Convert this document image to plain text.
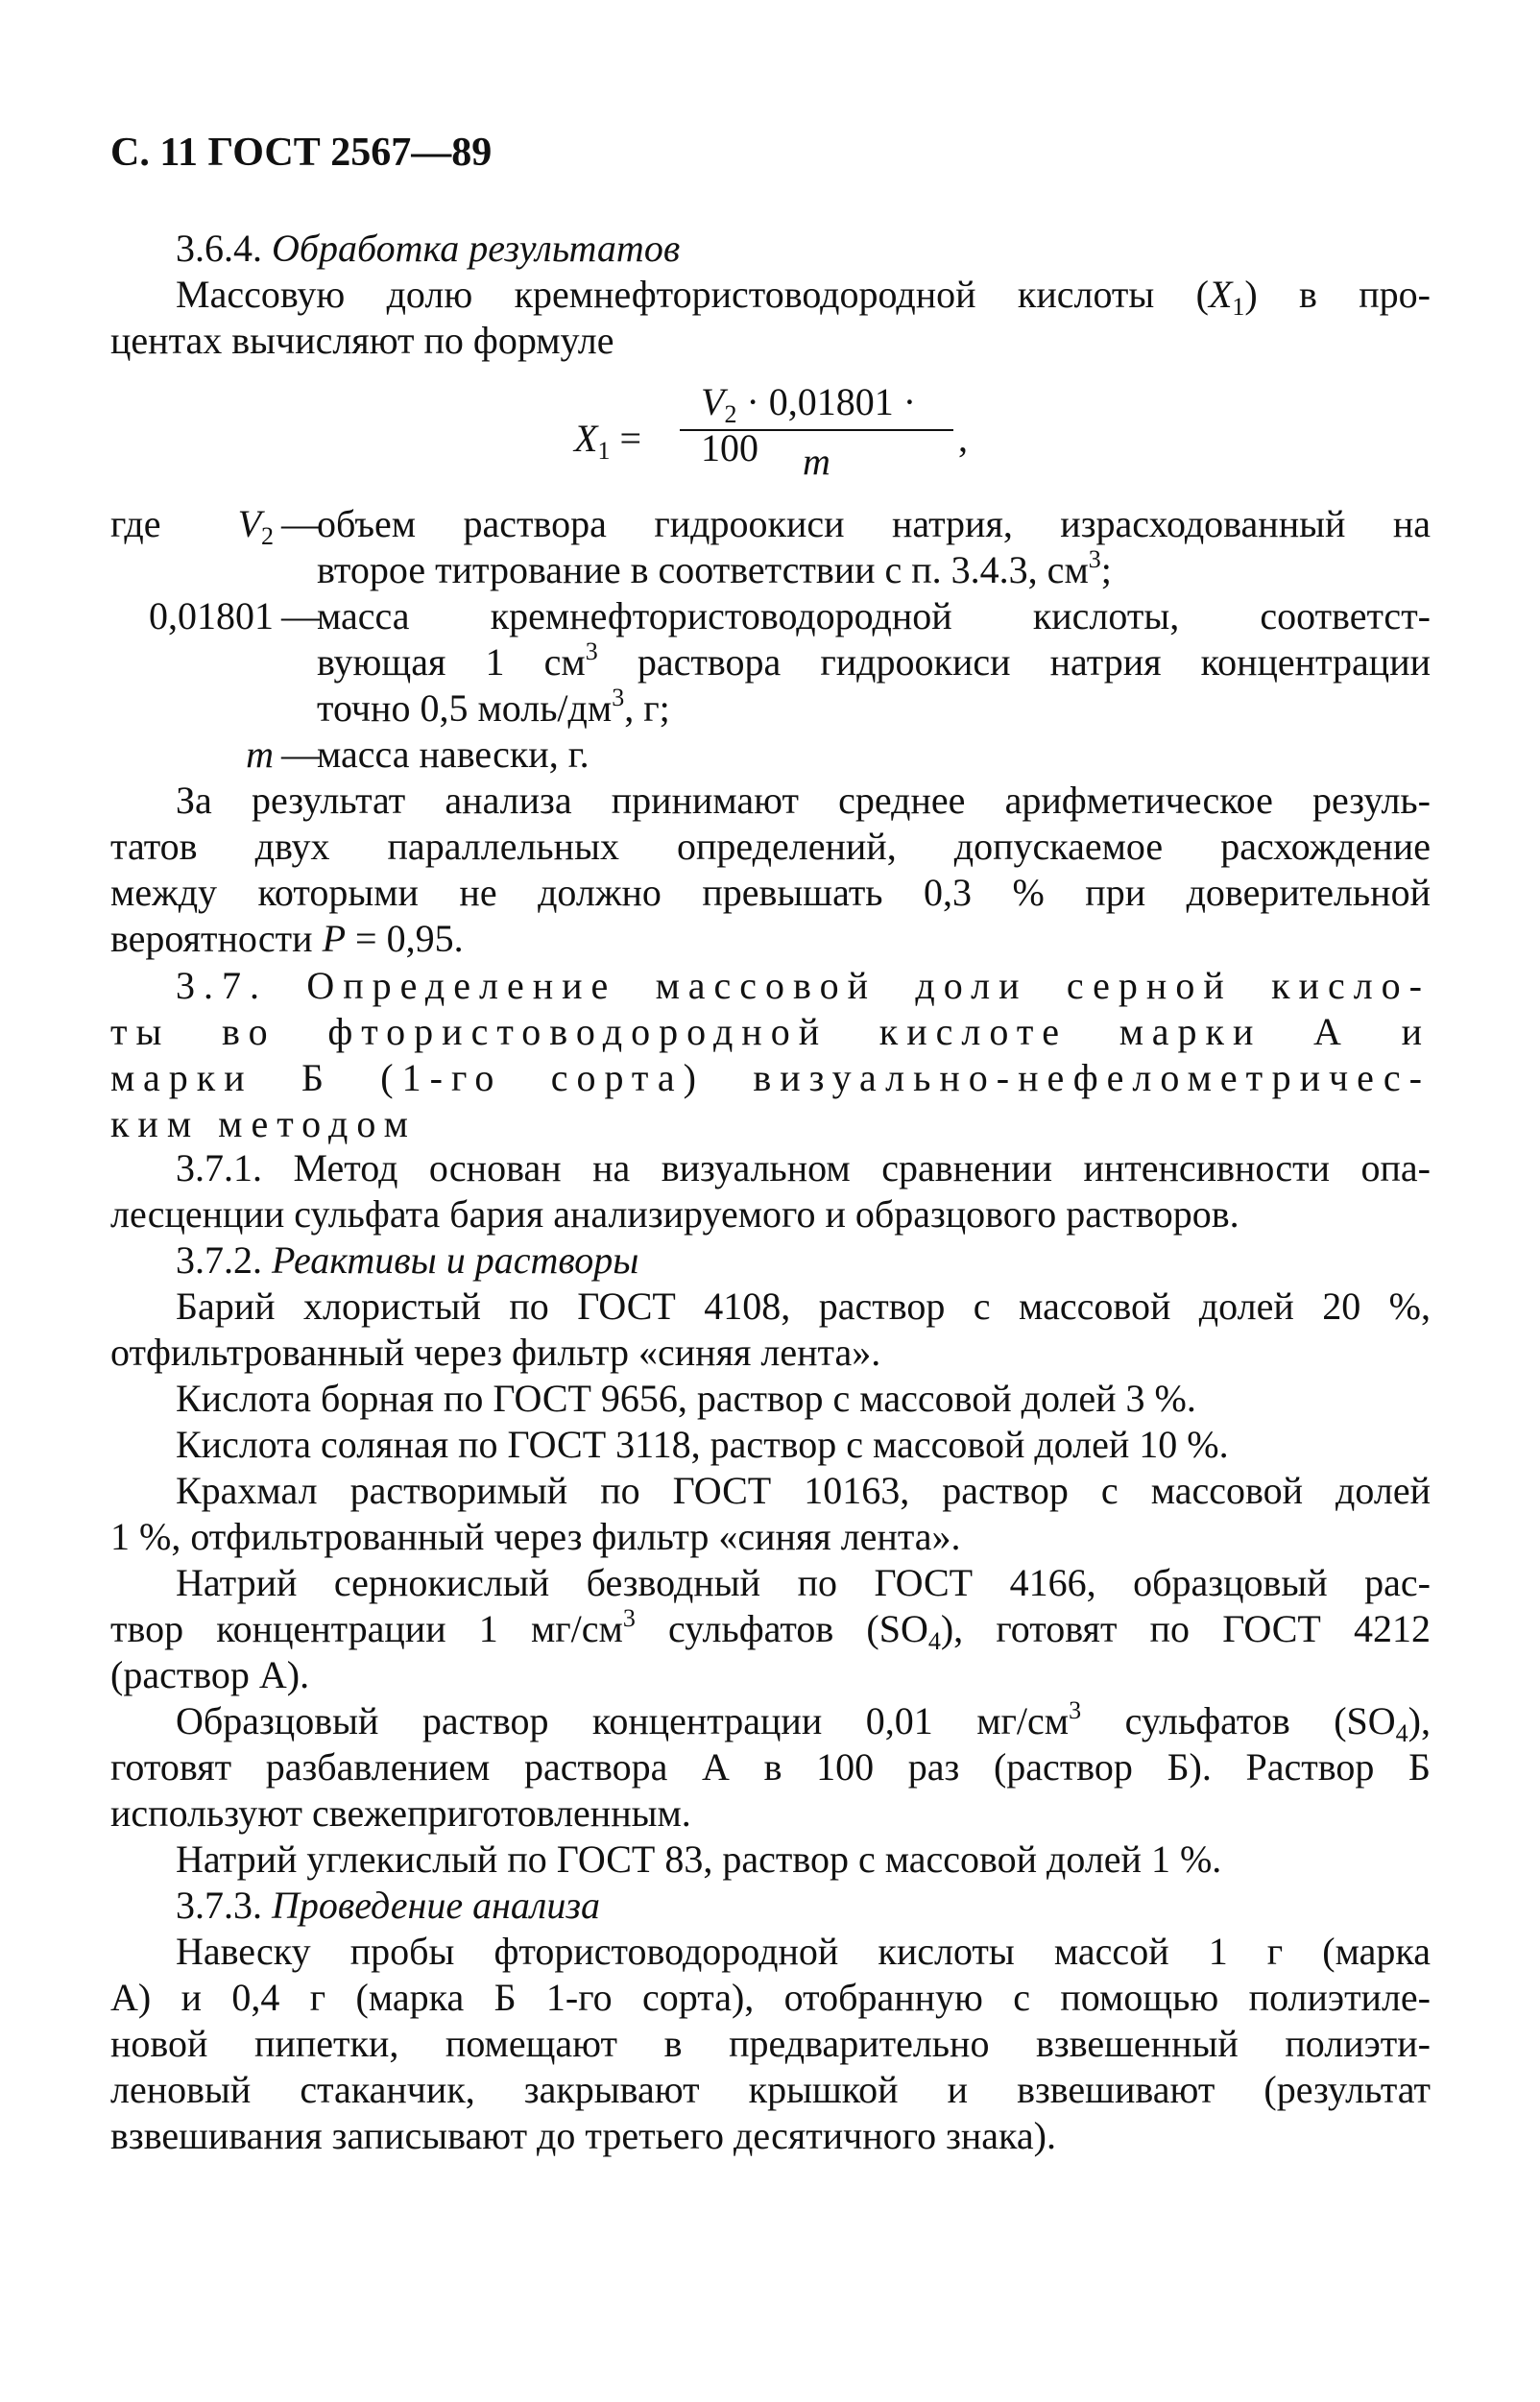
С. 11 ГОСТ 2567—89
3.6.4. Обработка результатов
Массовую долю кремнефтористоводородной кислоты $(X_1)$ в про-
центах вычисляют по формуле
$X_1$ =
$V_2 \cdot 0,01801 \cdot 100$	m
,
где	$V_2$ —
объем раствора гидроокиси натрия, израсходованный на
второе титрование в соответствии с п. 3.4.3, $см^3$;
0,01801 —
масса кремнефтористоводородной кислоты, соответст-
вующая 1 $см^3$ раствора гидроокиси натрия концентрации
точно 0,5 моль/$дм^3$, г;
m —
масса навески, г.
За результат анализа принимают среднее арифметическое резуль-
татов двух параллельных определений, допускаемое расхождение
между которыми не должно превышать 0,3 % при доверительной
вероятности P = 0,95.
3.7. Определение массовой доли серной кисло-
ты во фтористоводородной кислоте марки А и
марки Б (1-го сорта) визуально-нефелометричес-
ким методом
3.7.1. Метод основан на визуальном сравнении интенсивности опа-
лесценции сульфата бария анализируемого и образцового растворов.
3.7.2. Реактивы и растворы
Барий хлористый по ГОСТ 4108, раствор с массовой долей 20 %,
отфильтрованный через фильтр «синяя лента».
Кислота борная по ГОСТ 9656, раствор с массовой долей 3 %.
Кислота соляная по ГОСТ 3118, раствор с массовой долей 10 %.
Крахмал растворимый по ГОСТ 10163, раствор с массовой долей
1 %, отфильтрованный через фильтр «синяя лента».
Натрий сернокислый безводный по ГОСТ 4166, образцовый рас-
твор концентрации 1 $мг/см^3$ сульфатов $(SO_4)$, готовят по ГОСТ 4212
(раствор А).
Образцовый раствор концентрации 0,01 $мг/см^3$ сульфатов $(SO_4)$,
готовят разбавлением раствора А в 100 раз (раствор Б). Раствор Б
используют свежеприготовленным.
Натрий углекислый по ГОСТ 83, раствор с массовой долей 1 %.
3.7.3. Проведение анализа
Навеску пробы фтористоводородной кислоты массой 1 г (марка
А) и 0,4 г (марка Б 1-го сорта), отобранную с помощью полиэтиле-
новой пипетки, помещают в предварительно взвешенный полиэти-
леновый стаканчик, закрывают крышкой и взвешивают (результат
взвешивания записывают до третьего десятичного знака).
